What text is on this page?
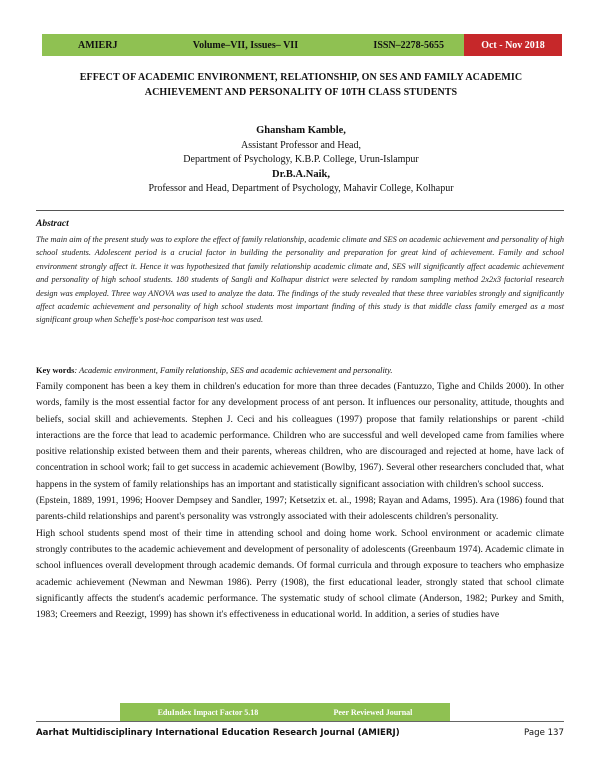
AMIERJ	Volume–VII, Issues– VII	ISSN–2278-5655	Oct - Nov 2018
EFFECT OF ACADEMIC ENVIRONMENT, RELATIONSHIP, ON SES AND FAMILY ACADEMIC
ACHIEVEMENT AND PERSONALITY OF 10TH CLASS STUDENTS
Ghansham Kamble,
Assistant Professor and Head,
Department of Psychology, K.B.P. College, Urun-Islampur
Dr.B.A.Naik,
Professor and Head, Department of Psychology, Mahavir College, Kolhapur
Abstract
The main aim of the present study was to explore the effect of family relationship, academic climate and SES on academic achievement and personality of high school students. Adolescent period is a crucial factor in building the personality and preparation for great kind of achievement. Family and school environment strongly affect it. Hence it was hypothesized that family relationship academic climate and, SES will significantly affect academic achievement and personality of high school students. 180 students of Sangli and Kolhapur district were selected by random sampling method 2x2x3 factorial research design was employed. Three way ANOVA was used to analyze the data. The findings of the study revealed that these three variables strongly and significantly affect academic achievement and personality of high school students most important finding of this study is that middle class family emerged as a most significant group when Scheffe's post-hoc comparison test was used.
Key words: Academic environment, Family relationship, SES and academic achievement and personality.

Family component has been a key them in children's education for more than three decades (Fantuzzo, Tighe and Childs 2000). In other words, family is the most essential factor for any development process of ant person. It influences our personality, attitude, thoughts and beliefs, social skill and achievements. Stephen J. Ceci and his colleagues (1997) propose that family relationships or parent -child interactions are the force that lead to academic performance. Children who are successful and well developed came from families where positive relationship existed between them and their parents, whereas children, who are discouraged and rejected at home, have lack of concentration in school work; fail to get success in academic achievement (Bowlby, 1967). Several other researchers concluded that, what happens in the system of family relationships has an important and statistically significant association with children's school success.

(Epstein, 1889, 1991, 1996; Hoover Dempsey and Sandler, 1997; Ketsetzix et. al., 1998; Rayan and Adams, 1995). Ara (1986) found that parents-child relationships and parent's personality was vstrongly associated with their adolescents children's personality.

High school students spend most of their time in attending school and doing home work. School environment or academic climate strongly contributes to the academic achievement and development of personality of adolescents (Greenbaum 1974). Academic climate in school influences overall development through academic demands. Of formal curricula and through exposure to teachers who emphasize academic achievement (Newman and Newman 1986). Perry (1908), the first educational leader, strongly stated that school climate significantly affects the student's academic performance. The systematic study of school climate (Anderson, 1982; Purkey and Smith, 1983; Creemers and Reezigt, 1999) has shown it's effectiveness in educational world. In addition, a series of studies have

EduIndex Impact Factor 5.18	Peer Reviewed Journal
Aarhat Multidisciplinary International Education Research Journal (AMIERJ)	Page 137
